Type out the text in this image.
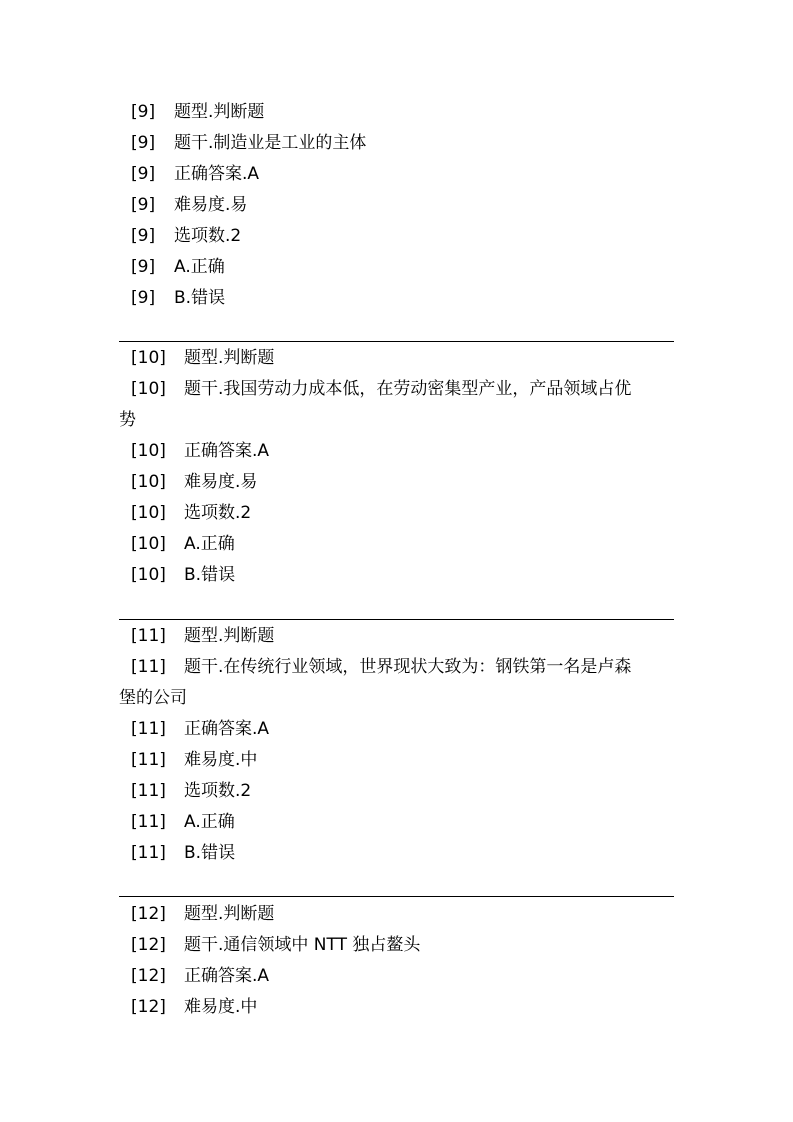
[9] 题型.判断题
[9] 题干.制造业是工业的主体
[9] 正确答案.A
[9] 难易度.易
[9] 选项数.2
[9] A.正确
[9] B.错误
[10] 题型.判断题
[10] 题干.我国劳动力成本低，在劳动密集型产业，产品领域占优
势
[10] 正确答案.A
[10] 难易度.易
[10] 选项数.2
[10] A.正确
[10] B.错误
[11] 题型.判断题
[11] 题干.在传统行业领域，世界现状大致为：钢铁第一名是卢森
堡的公司
[11] 正确答案.A
[11] 难易度.中
[11] 选项数.2
[11] A.正确
[11] B.错误
[12] 题型.判断题
[12] 题干.通信领域中 NTT 独占鳌头
[12] 正确答案.A
[12] 难易度.中
